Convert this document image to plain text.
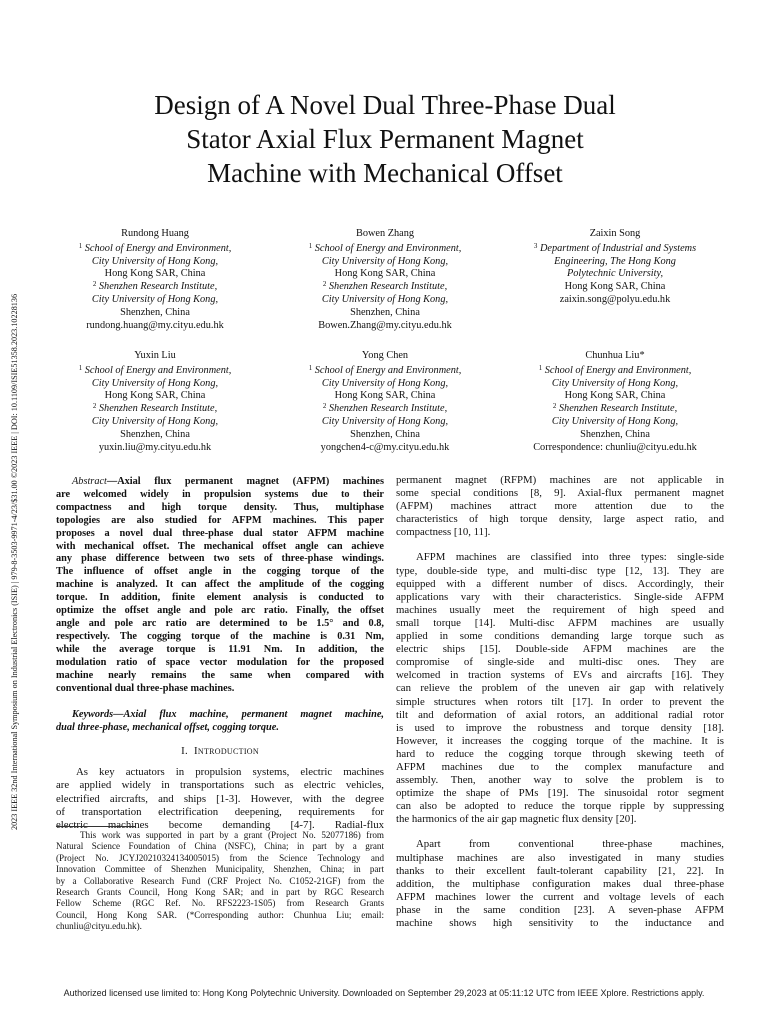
2023 IEEE 32nd International Symposium on Industrial Electronics (ISIE) | 979-8-3503-9971-4/23/$31.00 ©2023 IEEE | DOI: 10.1109/ISIE51358.2023.10228136
Design of A Novel Dual Three-Phase Dual
Stator Axial Flux Permanent Magnet
Machine with Mechanical Offset
Rundong Huang
$^1$ School of Energy and Environment,
City University of Hong Kong,
Hong Kong SAR, China
$^2$ Shenzhen Research Institute,
City University of Hong Kong,
Shenzhen, China
rundong.huang@my.cityu.edu.hk
Bowen Zhang
$^1$ School of Energy and Environment,
City University of Hong Kong,
Hong Kong SAR, China
$^2$ Shenzhen Research Institute,
City University of Hong Kong,
Shenzhen, China
Bowen.Zhang@my.cityu.edu.hk
Zaixin Song
$^3$ Department of Industrial and Systems
Engineering, The Hong Kong
Polytechnic University,
Hong Kong SAR, China
zaixin.song@polyu.edu.hk
Yuxin Liu
$^1$ School of Energy and Environment,
City University of Hong Kong,
Hong Kong SAR, China
$^2$ Shenzhen Research Institute,
City University of Hong Kong,
Shenzhen, China
yuxin.liu@my.cityu.edu.hk
Yong Chen
$^1$ School of Energy and Environment,
City University of Hong Kong,
Hong Kong SAR, China
$^2$ Shenzhen Research Institute,
City University of Hong Kong,
Shenzhen, China
yongchen4-c@my.cityu.edu.hk
Chunhua Liu*
$^1$ School of Energy and Environment,
City University of Hong Kong,
Hong Kong SAR, China
$^2$ Shenzhen Research Institute,
City University of Hong Kong,
Shenzhen, China
Correspondence: chunliu@cityu.edu.hk

Abstract—Axial flux permanent magnet (AFPM) machines
are welcomed widely in propulsion systems due to their
compactness and high torque density. Thus, multiphase
topologies are also studied for AFPM machines. This paper
proposes a novel dual three-phase dual stator AFPM machine
with mechanical offset. The mechanical offset angle can achieve
any phase difference between two sets of three-phase windings.
The influence of offset angle in the cogging torque of the
machine is analyzed. It can affect the amplitude of the cogging
torque. In addition, finite element analysis is conducted to
optimize the offset angle and pole arc ratio. Finally, the offset
angle and pole arc ratio are determined to be 1.5° and 0.8,
respectively. The cogging torque of the machine is 0.31 Nm,
while the average torque is 11.91 Nm. In addition, the
modulation ratio of space vector modulation for the proposed
machine nearly remains the same when compared with
conventional dual three-phase machines.

Keywords—Axial flux machine, permanent magnet machine,
dual three-phase, mechanical offset, cogging torque.

I. Introduction

As key actuators in propulsion systems, electric machines
are applied widely in transportations such as electric vehicles,
electrified aircrafts, and ships [1-3]. However, with the degree
of transportation electrification deepening, requirements for
electric machines become demanding [4-7]. Radial-flux

This work was supported in part by a grant (Project No. 52077186) from
Natural Science Foundation of China (NSFC), China; in part by a grant
(Project No. JCYJ20210324134005015) from the Science Technology and
Innovation Committee of Shenzhen Municipality, Shenzhen, China; in part
by a Collaborative Research Fund (CRF Project No. C1052-21GF) from the
Research Grants Council, Hong Kong SAR; and in part by RGC Research
Fellow Scheme (RGC Ref. No. RFS2223-1S05) from Research Grants
Council, Hong Kong SAR. (*Corresponding author: Chunhua Liu; email:
chunliu@cityu.edu.hk).

permanent magnet (RFPM) machines are not applicable in
some special conditions [8, 9]. Axial-flux permanent magnet
(AFPM) machines attract more attention due to the
characteristics of high torque density, large aspect ratio, and
compactness [10, 11].

AFPM machines are classified into three types: single-side
type, double-side type, and multi-disc type [12, 13]. They are
equipped with a different number of discs. Accordingly, their
applications vary with their characteristics. Single-side AFPM
machines usually meet the requirement of high speed and
small torque [14]. Multi-disc AFPM machines are usually
applied in some conditions demanding large torque such as
electric ships [15]. Double-side AFPM machines are the
compromise of single-side and multi-disc ones. They are
welcomed in traction systems of EVs and aircrafts [16]. They
can relieve the problem of the uneven air gap with relatively
simple structures when rotors tilt [17]. In order to prevent the
tilt and deformation of axial rotors, an additional radial rotor
is used to improve the robustness and torque density [18].
However, it increases the cogging torque of the machine. It is
hard to reduce the cogging torque through skewing teeth of
AFPM machines due to the complex manufacture and
assembly. Then, another way to solve the problem is to
optimize the shape of PMs [19]. The sinusoidal rotor segment
can also be adopted to reduce the torque ripple by suppressing
the harmonics of the air gap magnetic flux density [20].

Apart from conventional three-phase machines,
multiphase machines are also investigated in many studies
thanks to their excellent fault-tolerant capability [21, 22]. In
addition, the multiphase configuration makes dual three-phase
AFPM machines lower the current and voltage levels of each
phase in the same condition [23]. A seven-phase AFPM
machine shows high sensitivity to the inductance and

Authorized licensed use limited to: Hong Kong Polytechnic University. Downloaded on September 29,2023 at 05:11:12 UTC from IEEE Xplore. Restrictions apply.
